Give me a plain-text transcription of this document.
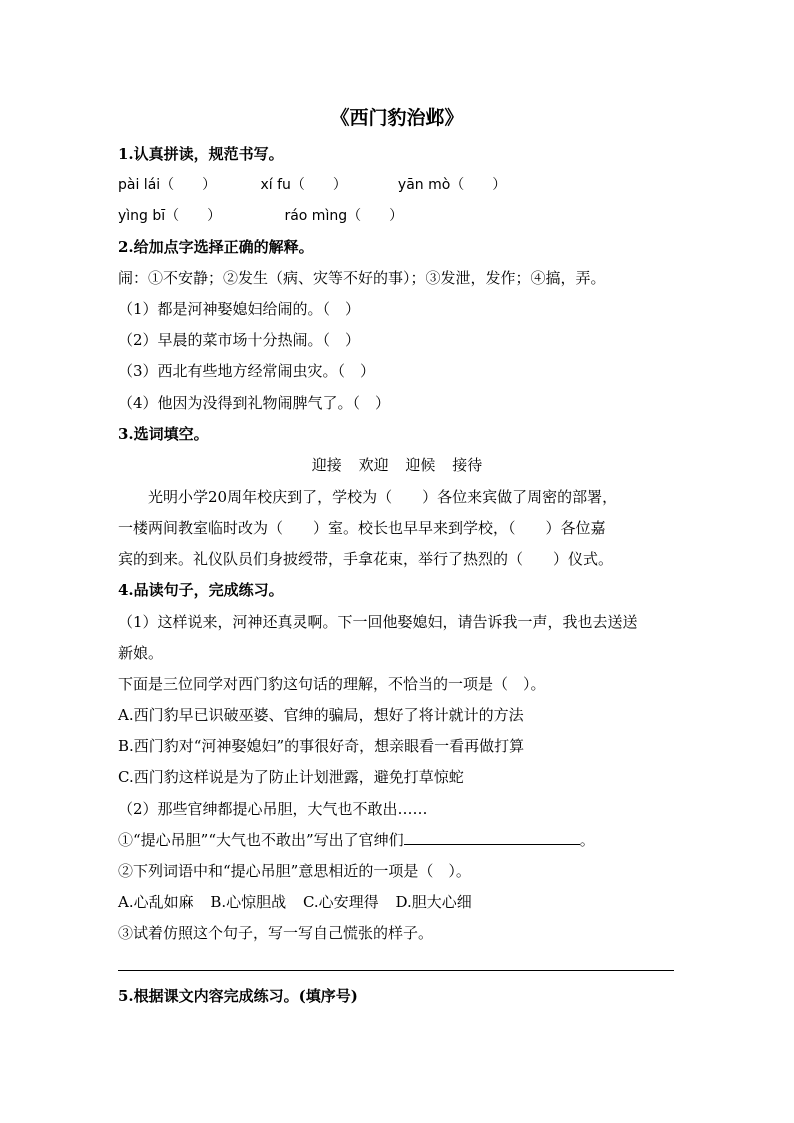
《西门豹治邺》
1.认真拼读，规范书写。
pài lái（　　）	xí fu（　　）	yān mò（　　）
yìng bī（　　）	ráo mìng（　　）
2.给加点字选择正确的解释。
闹：①不安静；②发生（病、灾等不好的事）；③发泄，发作；④搞，弄。
（1）都是河神娶媳妇给闹的。（　）
（2）早晨的菜市场十分热闹。（　）
（3）西北有些地方经常闹虫灾。（　）
（4）他因为没得到礼物闹脾气了。（　）
3.选词填空。
迎接 欢迎 迎候 接待
光明小学20周年校庆到了，学校为（　　）各位来宾做了周密的部署，
一楼两间教室临时改为（　　）室。校长也早早来到学校，（　　）各位嘉
宾的到来。礼仪队员们身披绶带，手拿花束，举行了热烈的（　　）仪式。
4.品读句子，完成练习。
（1）这样说来，河神还真灵啊。下一回他娶媳妇，请告诉我一声，我也去送送
新娘。
下面是三位同学对西门豹这句话的理解，不恰当的一项是（　）。
A.西门豹早已识破巫婆、官绅的骗局，想好了将计就计的方法
B.西门豹对“河神娶媳妇”的事很好奇，想亲眼看一看再做打算
C.西门豹这样说是为了防止计划泄露，避免打草惊蛇
（2）那些官绅都提心吊胆，大气也不敢出……
①“提心吊胆”“大气也不敢出”写出了官绅们	。
②下列词语中和“提心吊胆”意思相近的一项是（　）。
A.心乱如麻 B.心惊胆战 C.心安理得 D.胆大心细
③试着仿照这个句子，写一写自己慌张的样子。
5.根据课文内容完成练习。(填序号)
